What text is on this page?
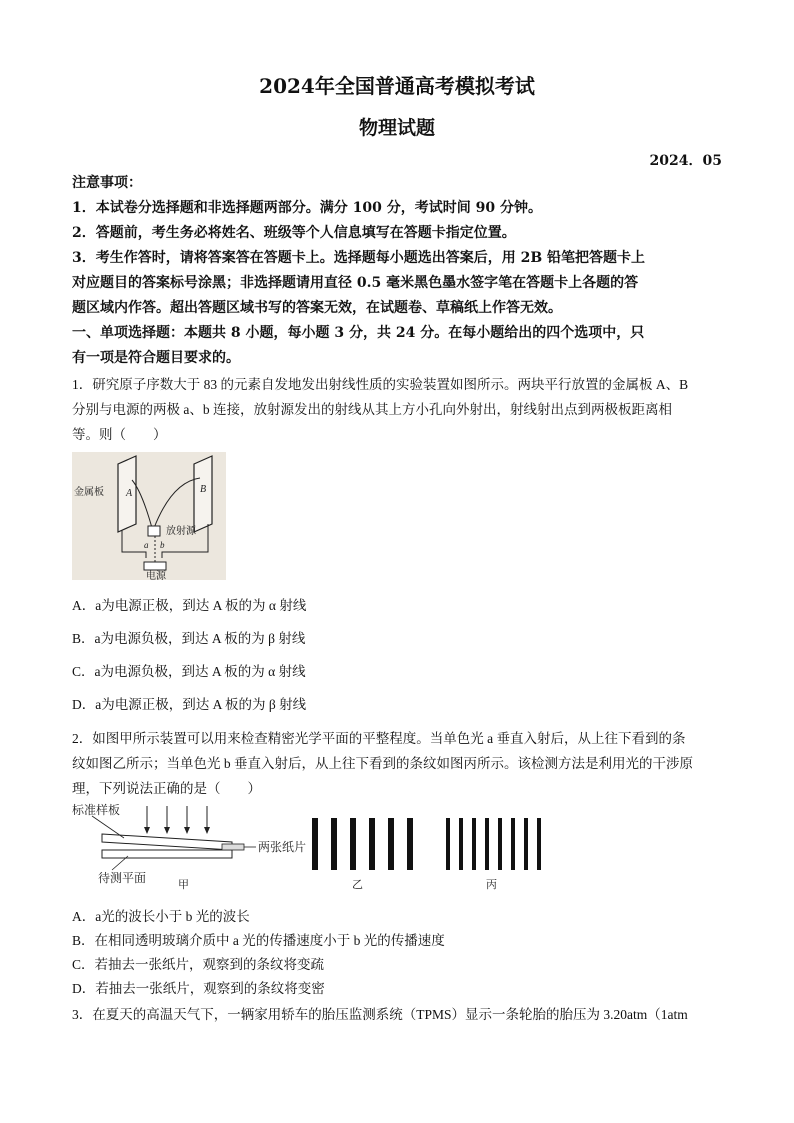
2024年全国普通高考模拟考试
物理试题
2024．05
注意事项：
1．本试卷分选择题和非选择题两部分。满分 100 分，考试时间 90 分钟。
2．答题前，考生务必将姓名、班级等个人信息填写在答题卡指定位置。
3．考生作答时，请将答案答在答题卡上。选择题每小题选出答案后，用 2B 铅笔把答题卡上
对应题目的答案标号涂黑；非选择题请用直径 0.5 毫米黑色墨水签字笔在答题卡上各题的答
题区域内作答。超出答题区域书写的答案无效，在试题卷、草稿纸上作答无效。
一、单项选择题：本题共 8 小题，每小题 3 分，共 24 分。在每小题给出的四个选项中，只
有一项是符合题目要求的。
1．研究原子序数大于 83 的元素自发地发出射线性质的实验装置如图所示。两块平行放置的金属板 A、B
分别与电源的两极 a、b 连接，放射源发出的射线从其上方小孔向外射出，射线射出点到两极板距离相
等。则（　　）
金属板 A	B
放射源
a b
电源
A．a为电源正极，到达 A 板的为 α 射线
B．a为电源负极，到达 A 板的为 β 射线
C．a为电源负极，到达 A 板的为 α 射线
D．a为电源正极，到达 A 板的为 β 射线
2．如图甲所示装置可以用来检查精密光学平面的平整程度。当单色光 a 垂直入射后，从上往下看到的条
纹如图乙所示；当单色光 b 垂直入射后，从上往下看到的条纹如图丙所示。该检测方法是利用光的干涉原
理，下列说法正确的是（　　）
标准样板
两张纸片
待测平面	甲	乙	丙
A．a光的波长小于 b 光的波长
B．在相同透明玻璃介质中 a 光的传播速度小于 b 光的传播速度
C．若抽去一张纸片，观察到的条纹将变疏
D．若抽去一张纸片，观察到的条纹将变密
3．在夏天的高温天气下，一辆家用轿车的胎压监测系统（TPMS）显示一条轮胎的胎压为 3.20atm（1atm
